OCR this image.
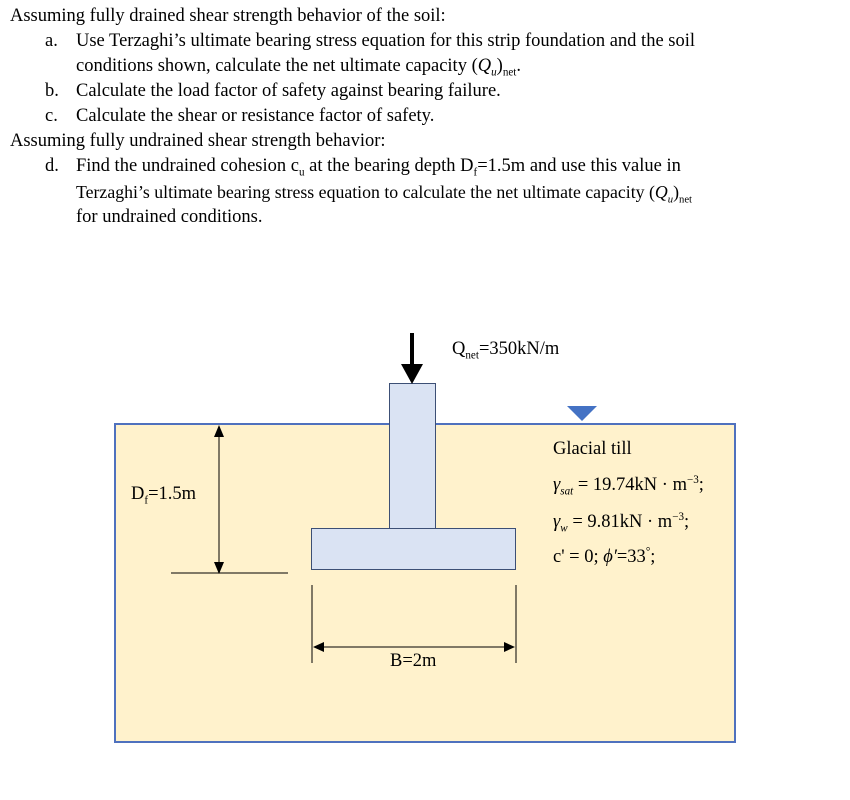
Assuming fully drained shear strength behavior of the soil:
a. Use Terzaghi’s ultimate bearing stress equation for this strip foundation and the soil
conditions shown, calculate the net ultimate capacity $(Q_u)_{net}$.
b. Calculate the load factor of safety against bearing failure.
c. Calculate the shear or resistance factor of safety.
Assuming fully undrained shear strength behavior:
d. Find the undrained cohesion $c_u$ at the bearing depth $D_f=1.5m$ and use this value in
Terzaghi’s ultimate bearing stress equation to calculate the net ultimate capacity $(Q_u)_{net}$
for undrained conditions.
$Q_{net}=350kN/m$
$D_f=1.5m$
B=2m
Glacial till
$\gamma_{sat} = 19.74kN \cdot m^{-3}$;
$\gamma_w = 9.81kN \cdot m^{-3}$;
c' = 0; ϕ′=33°;
